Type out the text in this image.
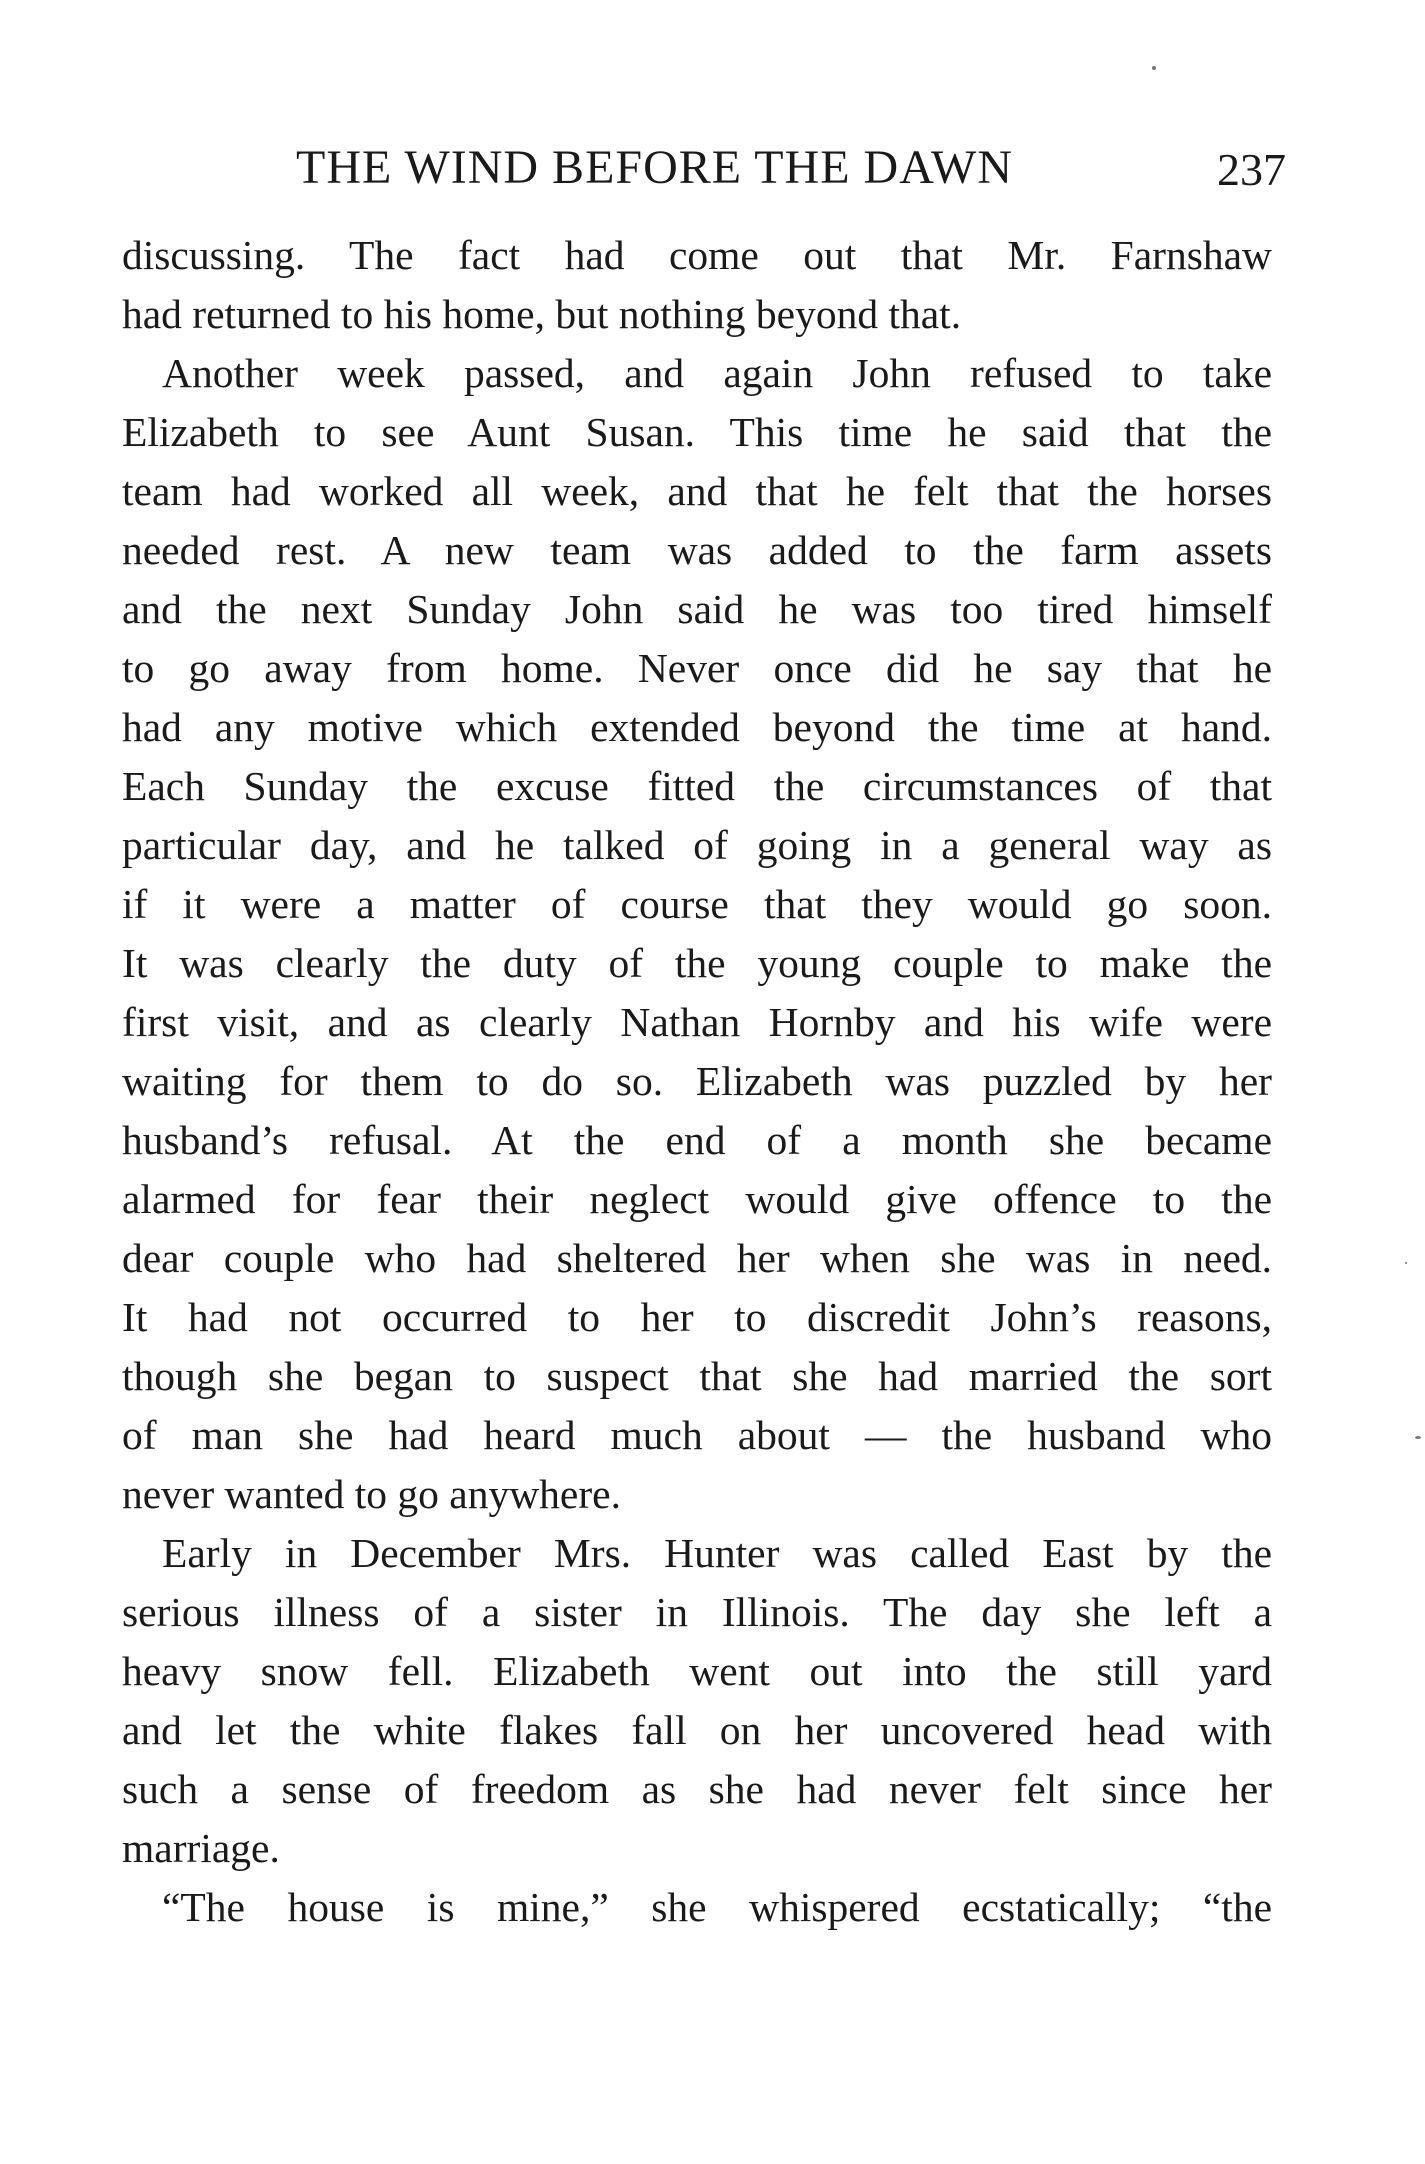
THE WIND BEFORE THE DAWN	237
discussing. The fact had come out that Mr. Farnshaw
had returned to his home, but nothing beyond that.
Another week passed, and again John refused to take
Elizabeth to see Aunt Susan. This time he said that the
team had worked all week, and that he felt that the horses
needed rest. A new team was added to the farm assets
and the next Sunday John said he was too tired himself
to go away from home. Never once did he say that he
had any motive which extended beyond the time at hand.
Each Sunday the excuse fitted the circumstances of that
particular day, and he talked of going in a general way as
if it were a matter of course that they would go soon.
It was clearly the duty of the young couple to make the
first visit, and as clearly Nathan Hornby and his wife were
waiting for them to do so. Elizabeth was puzzled by her
husband’s refusal. At the end of a month she became
alarmed for fear their neglect would give offence to the
dear couple who had sheltered her when she was in need.
It had not occurred to her to discredit John’s reasons,
though she began to suspect that she had married the sort
of man she had heard much about — the husband who
never wanted to go anywhere.
Early in December Mrs. Hunter was called East by the
serious illness of a sister in Illinois. The day she left a
heavy snow fell. Elizabeth went out into the still yard
and let the white flakes fall on her uncovered head with
such a sense of freedom as she had never felt since her
marriage.
“The house is mine,” she whispered ecstatically; “the
